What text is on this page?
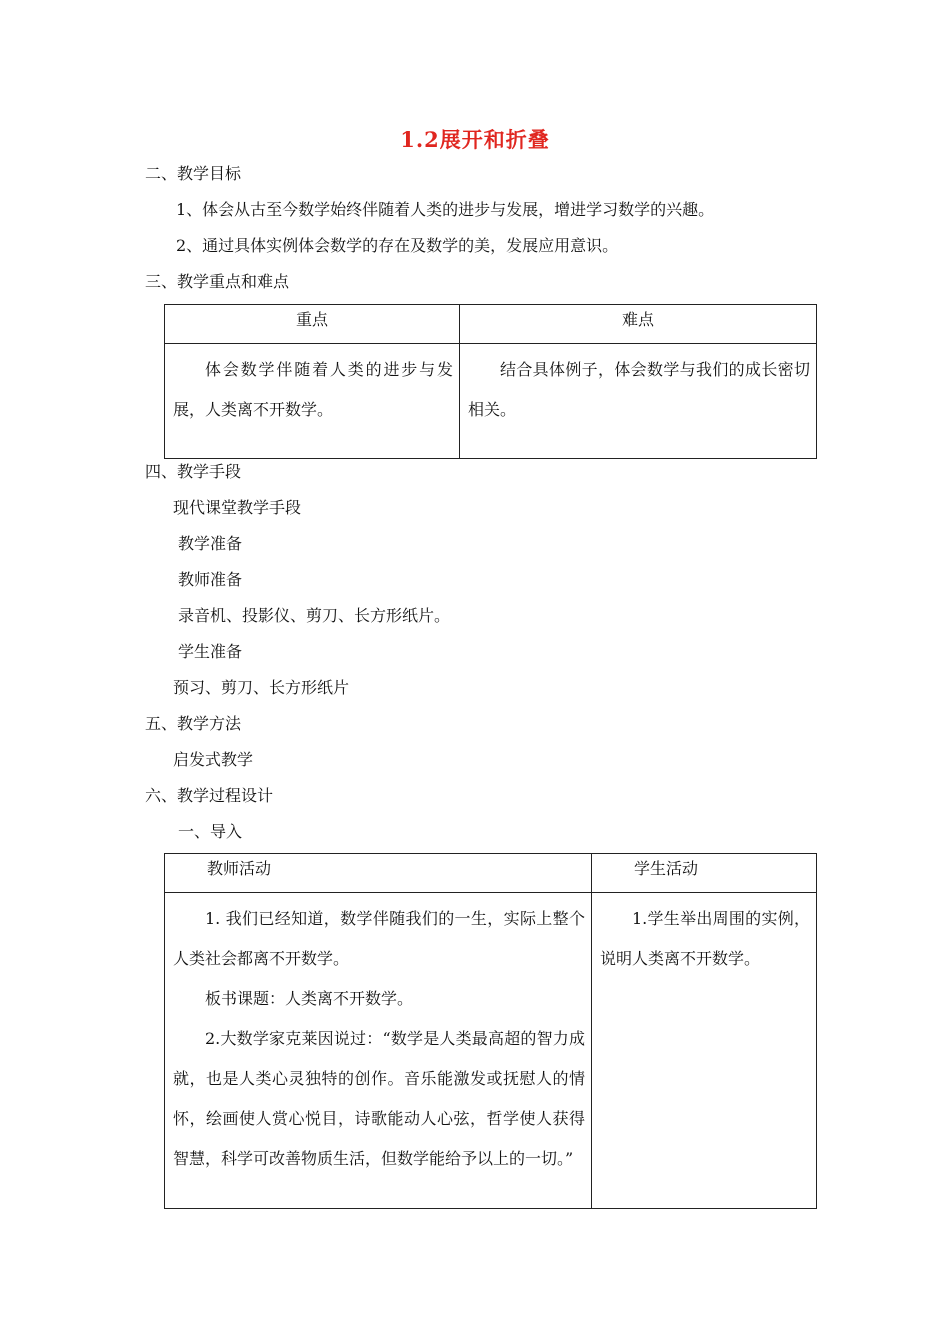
1.2展开和折叠
二、教学目标
1、体会从古至今数学始终伴随着人类的进步与发展，增进学习数学的兴趣。
2、通过具体实例体会数学的存在及数学的美，发展应用意识。
三、教学重点和难点
重点	难点

体会数学伴随着人类的进步与发展，人类离不开数学。	结合具体例子，体会数学与我们的成长密切相关。
四、教学手段
现代课堂教学手段
教学准备
教师准备
录音机、投影仪、剪刀、长方形纸片。
学生准备
预习、剪刀、长方形纸片
五、教学方法
启发式教学
六、教学过程设计
一、导入
教师活动	学生活动

1. 我们已经知道，数学伴随我们的一生，实际上整个人类社会都离不开数学。
板书课题：人类离不开数学。
2.大数学家克莱因说过：“数学是人类最高超的智力成就，也是人类心灵独特的创作。音乐能激发或抚慰人的情怀，绘画使人赏心悦目，诗歌能动人心弦，哲学使人获得智慧，科学可改善物质生活，但数学能给予以上的一切。”	1.学生举出周围的实例，说明人类离不开数学。
